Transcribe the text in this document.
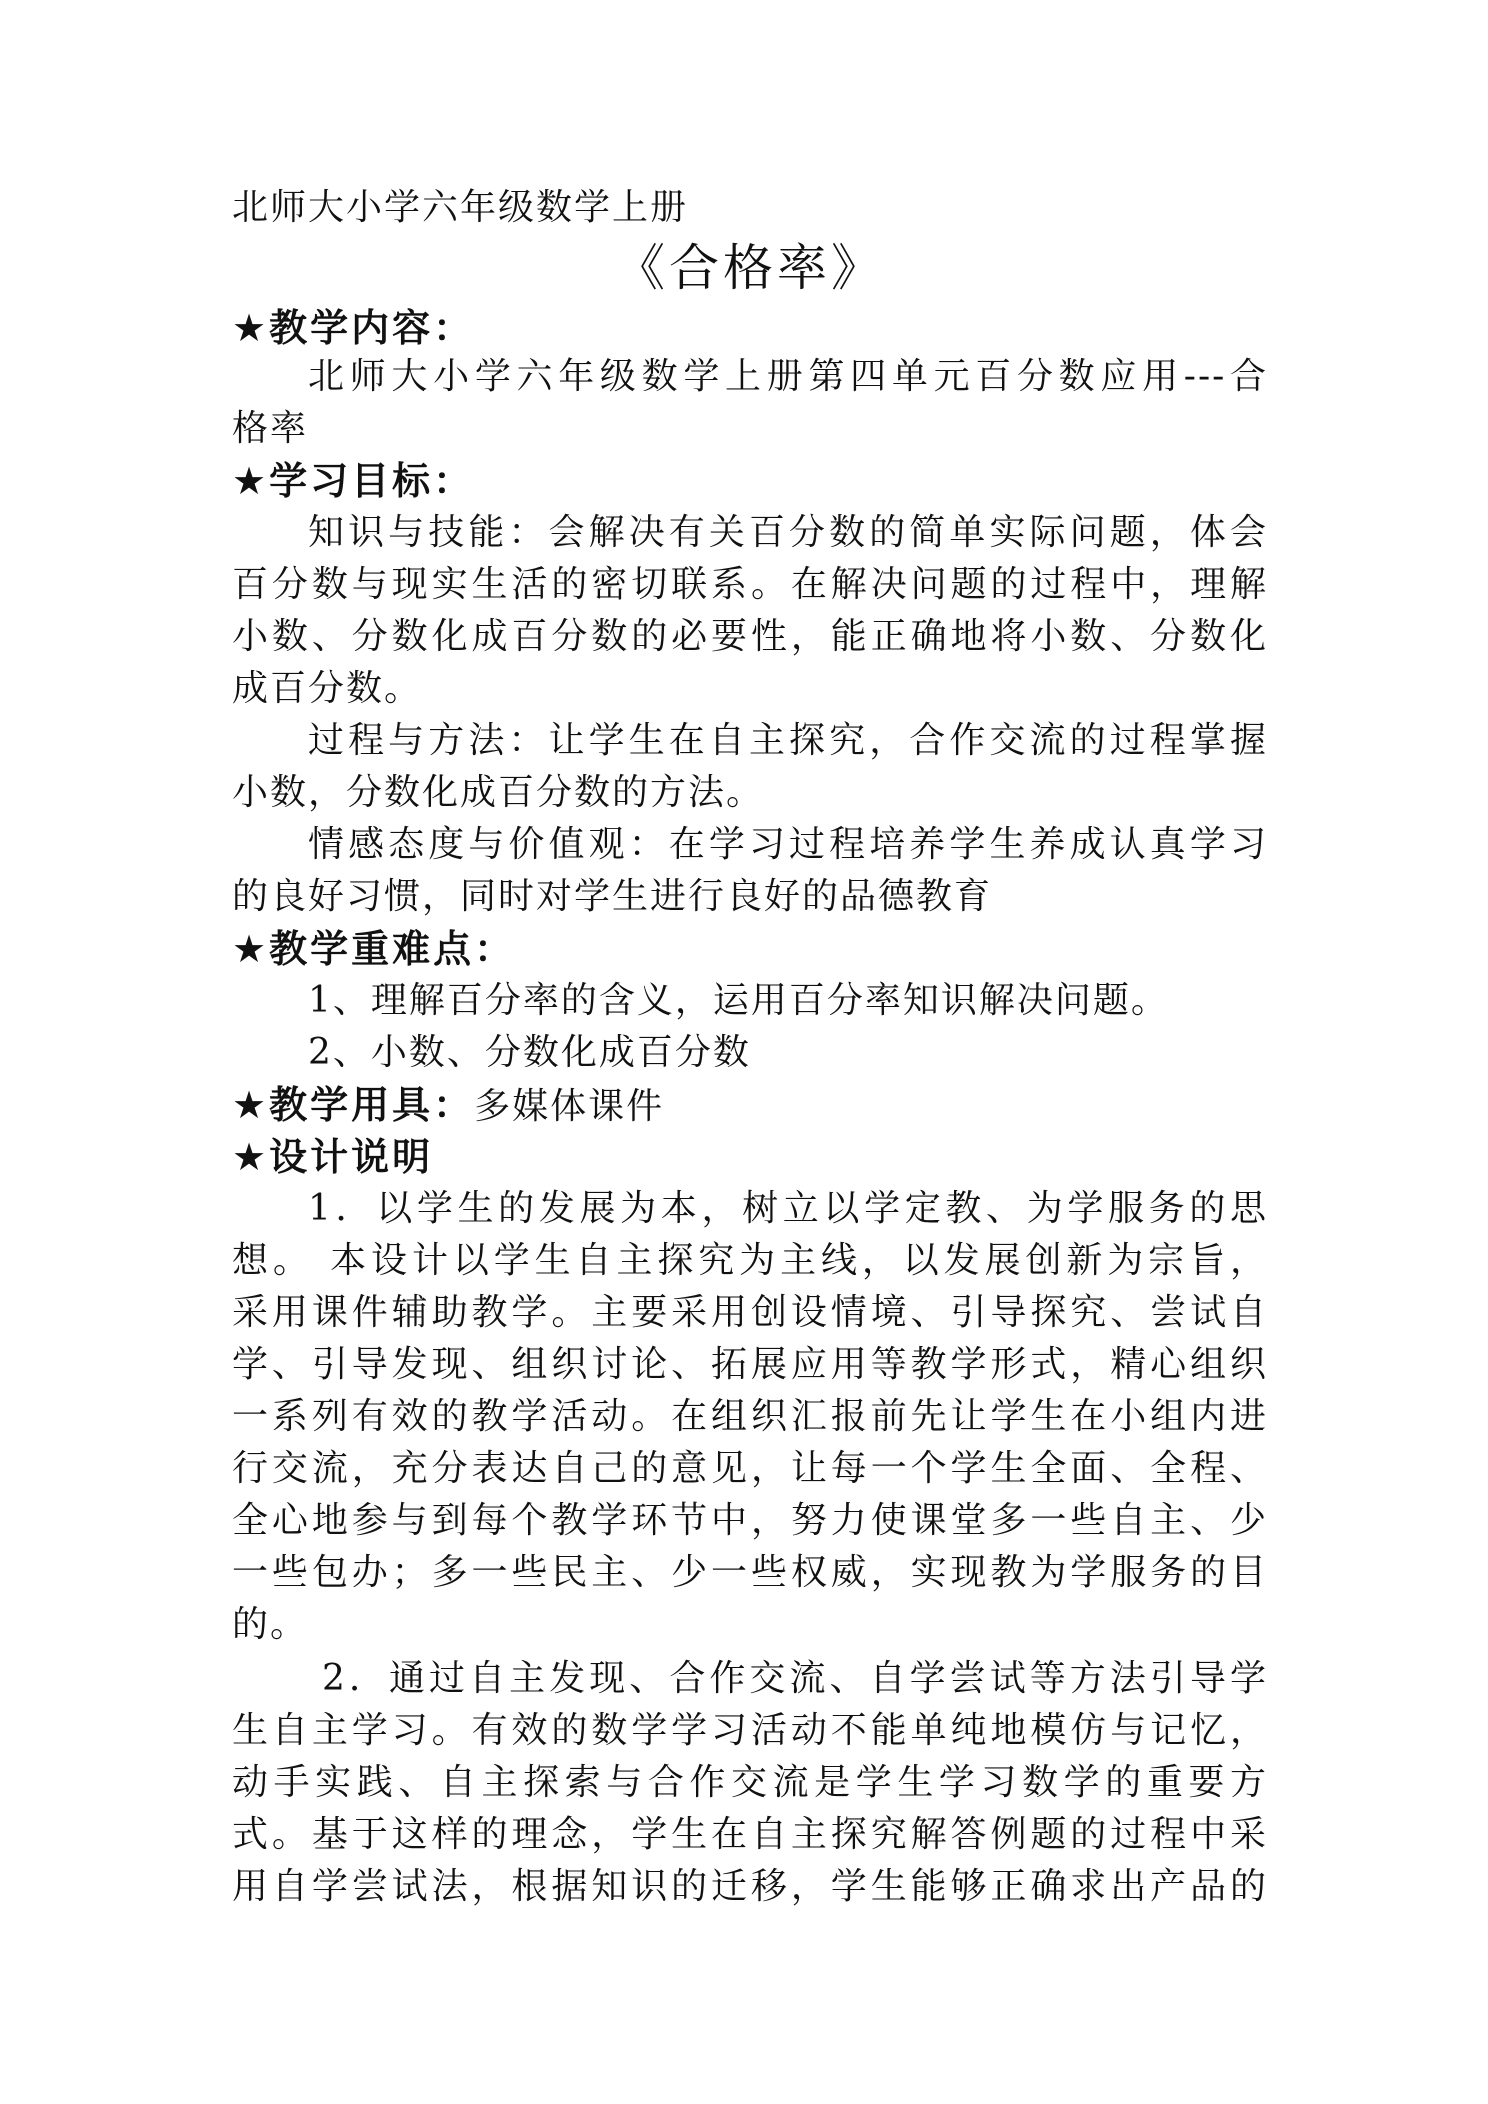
北师大小学六年级数学上册
《合格率》
★教学内容：
北师大小学六年级数学上册第四单元百分数应用---合
格率
★学习目标：
知识与技能：会解决有关百分数的简单实际问题，体会
百分数与现实生活的密切联系。在解决问题的过程中，理解
小数、分数化成百分数的必要性，能正确地将小数、分数化
成百分数。
过程与方法：让学生在自主探究，合作交流的过程掌握
小数，分数化成百分数的方法。
情感态度与价值观：在学习过程培养学生养成认真学习
的良好习惯，同时对学生进行良好的品德教育
★教学重难点：
1、理解百分率的含义，运用百分率知识解决问题。
2、小数、分数化成百分数
★教学用具：多媒体课件
★设计说明
1．以学生的发展为本，树立以学定教、为学服务的思
想。 本设计以学生自主探究为主线，以发展创新为宗旨，
采用课件辅助教学。主要采用创设情境、引导探究、尝试自
学、引导发现、组织讨论、拓展应用等教学形式，精心组织
一系列有效的教学活动。在组织汇报前先让学生在小组内进
行交流，充分表达自己的意见，让每一个学生全面、全程、
全心地参与到每个教学环节中，努力使课堂多一些自主、少
一些包办；多一些民主、少一些权威，实现教为学服务的目
的。
2．通过自主发现、合作交流、自学尝试等方法引导学
生自主学习。有效的数学学习活动不能单纯地模仿与记忆，
动手实践、自主探索与合作交流是学生学习数学的重要方
式。基于这样的理念，学生在自主探究解答例题的过程中采
用自学尝试法，根据知识的迁移，学生能够正确求出产品的
